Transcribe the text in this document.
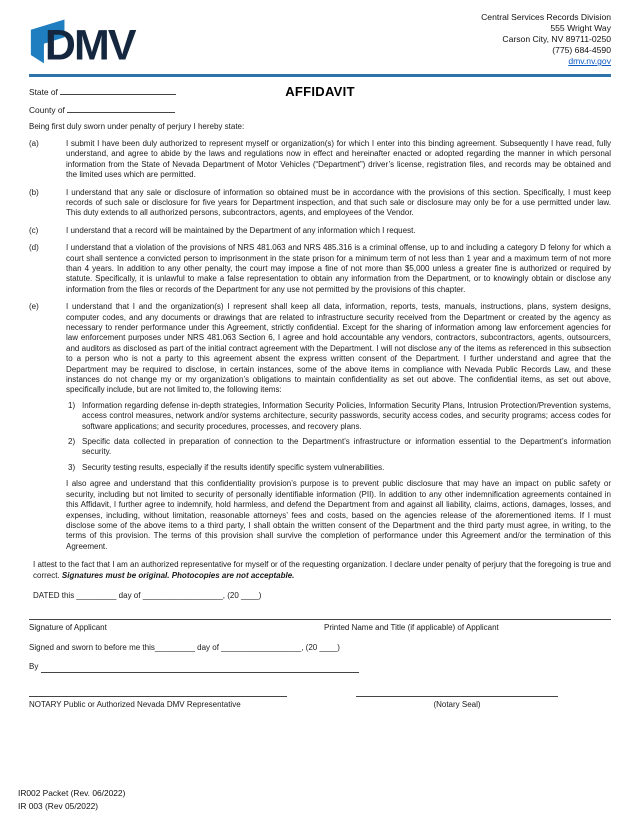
DMV
Central Services Records Division
555 Wright Way
Carson City, NV 89711-0250
(775) 684-4590
dmv.nv.gov
State of
County of
AFFIDAVIT
Being first duly sworn under penalty of perjury I hereby state:
(a)	I submit I have been duly authorized to represent myself or organization(s) for which I enter into this binding agreement. Subsequently I have read, fully understand, and agree to abide by the laws and regulations now in effect and hereinafter enacted or adopted regarding the manner in which personal information from the State of Nevada Department of Motor Vehicles (“Department”) driver’s license, registration files, and records may be obtained and the limited uses which are permitted.
(b)	I understand that any sale or disclosure of information so obtained must be in accordance with the provisions of this section. Specifically, I must keep records of such sale or disclosure for five years for Department inspection, and that such sale or disclosure may only be for a use permitted under law. This duty extends to all authorized persons, subcontractors, agents, and employees of the Vendor.
(c)	I understand that a record will be maintained by the Department of any information which I request.
(d)	I understand that a violation of the provisions of NRS 481.063 and NRS 485.316 is a criminal offense, up to and including a category D felony for which a court shall sentence a convicted person to imprisonment in the state prison for a minimum term of not less than 1 year and a maximum term of not more than 4 years. In addition to any other penalty, the court may impose a fine of not more than $5,000 unless a greater fine is authorized or required by statute. Specifically, it is unlawful to make a false representation to obtain any information from the Department, or to knowingly obtain or disclose any information from the files or records of the Department for any use not permitted by the provisions of this chapter.
(e)	I understand that I and the organization(s) I represent shall keep all data, information, reports, tests, manuals, instructions, plans, system designs, computer codes, and any documents or drawings that are related to infrastructure security received from the Department or created by the agency as necessary to render performance under this Agreement, strictly confidential. Except for the sharing of information among law enforcement agencies for law enforcement purposes under NRS 481.063 Section 6, I agree and hold accountable any vendors, contractors, subcontractors, agents, outsourcers, and auditors as disclosed as part of the initial contract agreement with the Department. I will not disclose any of the items as referenced in this subsection to a person who is not a party to this agreement absent the express written consent of the Department. I further understand and agree that the Department may be required to disclose, in certain instances, some of the above items in compliance with Nevada Public Records Law, and these instances do not change my or my organization’s obligations to maintain confidentiality as set out above. The confidential items, as set out above, specifically include, but are not limited to, the following items:
1) Information regarding defense in-depth strategies, Information Security Policies, Information Security Plans, Intrusion Protection/Prevention systems, access control measures, network and/or systems architecture, security passwords, security access codes, and security programs; access codes for software applications; and security procedures, processes, and recovery plans.
2) Specific data collected in preparation of connection to the Department’s infrastructure or information essential to the Department’s information security.
3) Security testing results, especially if the results identify specific system vulnerabilities.
I also agree and understand that this confidentiality provision’s purpose is to prevent public disclosure that may have an impact on public safety or security, including but not limited to security of personally identifiable information (PII). In addition to any other indemnification agreements contained in this Affidavit, I further agree to indemnify, hold harmless, and defend the Department from and against all liability, claims, actions, damages, losses, and expenses, including, without limitation, reasonable attorneys’ fees and costs, based on the agencies release of the aforementioned items. If I must disclose some of the above items to a third party, I shall obtain the written consent of the Department and the third party must agree, in writing, to the terms of this provision. The terms of this provision shall survive the completion of performance under this Agreement and/or the termination of this Agreement.
I attest to the fact that I am an authorized representative for myself or of the requesting organization. I declare under penalty of perjury that the foregoing is true and correct. Signatures must be original. Photocopies are not acceptable.
DATED this _________ day of __________________, (20 ____)
Signature of Applicant	Printed Name and Title (if applicable) of Applicant
Signed and sworn to before me this_________ day of __________________, (20 ____)
By
NOTARY Public or Authorized Nevada DMV Representative	(Notary Seal)
IR002 Packet (Rev. 06/2022)
IR 003 (Rev 05/2022)
